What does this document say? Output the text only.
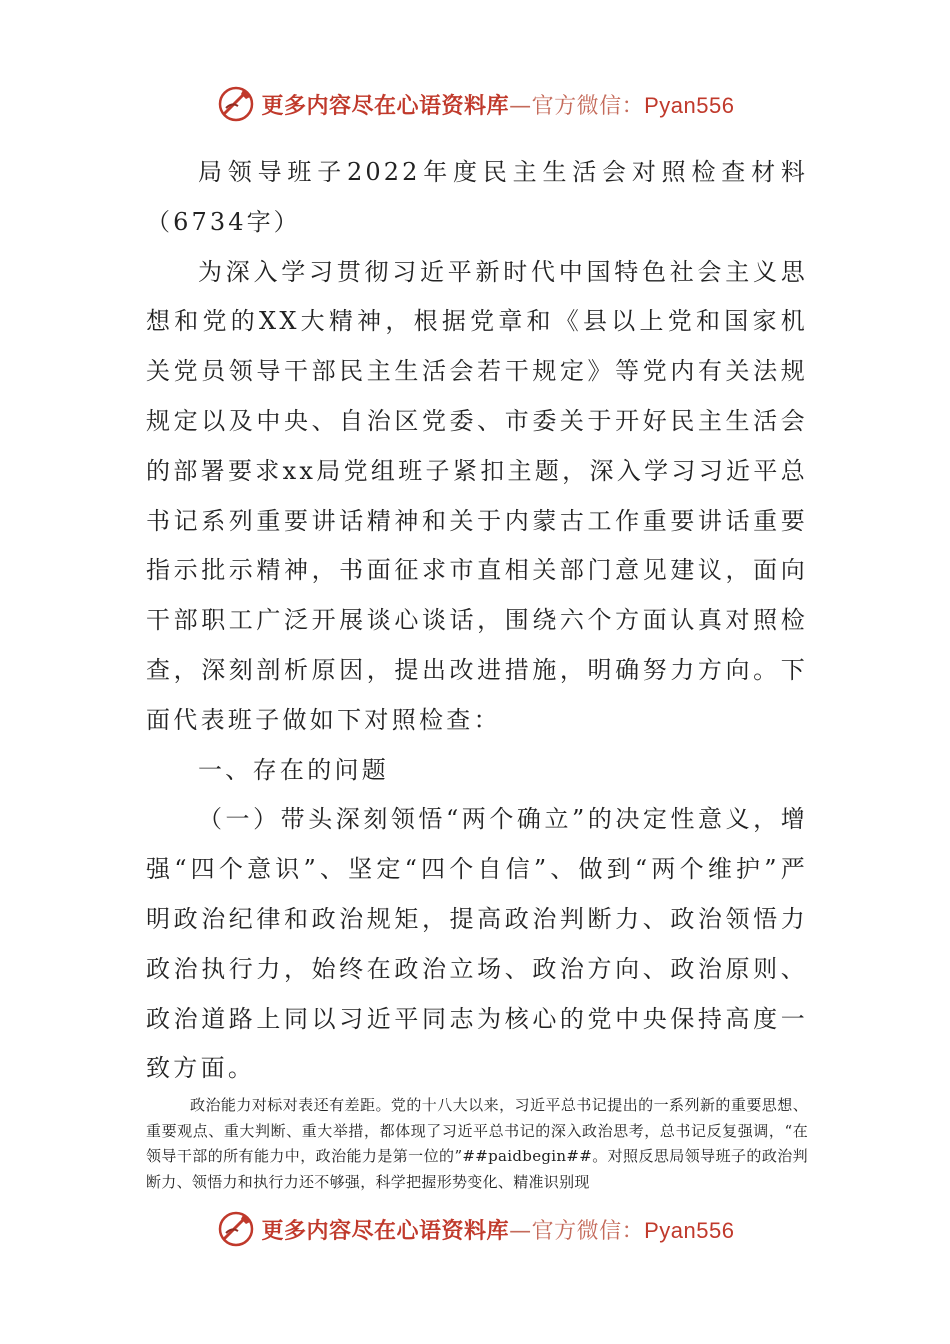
更多内容尽在心语资料库—官方微信：Pyan556

局领导班子2022年度民主生活会对照检查材料（6734字）

为深入学习贯彻习近平新时代中国特色社会主义思想和党的XX大精神，根据党章和《县以上党和国家机关党员领导干部民主生活会若干规定》等党内有关法规规定以及中央、自治区党委、市委关于开好民主生活会的部署要求xx局党组班子紧扣主题，深入学习习近平总书记系列重要讲话精神和关于内蒙古工作重要讲话重要指示批示精神，书面征求市直相关部门意见建议，面向干部职工广泛开展谈心谈话，围绕六个方面认真对照检查，深刻剖析原因，提出改进措施，明确努力方向。下面代表班子做如下对照检查：

一、存在的问题

（一）带头深刻领悟“两个确立”的决定性意义，增强“四个意识”、坚定“四个自信”、做到“两个维护”严明政治纪律和政治规矩，提高政治判断力、政治领悟力政治执行力，始终在政治立场、政治方向、政治原则、政治道路上同以习近平同志为核心的党中央保持高度一致方面。

政治能力对标对表还有差距。党的十八大以来，习近平总书记提出的一系列新的重要思想、重要观点、重大判断、重大举措，都体现了习近平总书记的深入政治思考，总书记反复强调，“在领导干部的所有能力中，政治能力是第一位的”##paidbegin##。对照反思局领导班子的政治判断力、领悟力和执行力还不够强，科学把握形势变化、精准识别现

更多内容尽在心语资料库—官方微信：Pyan556
